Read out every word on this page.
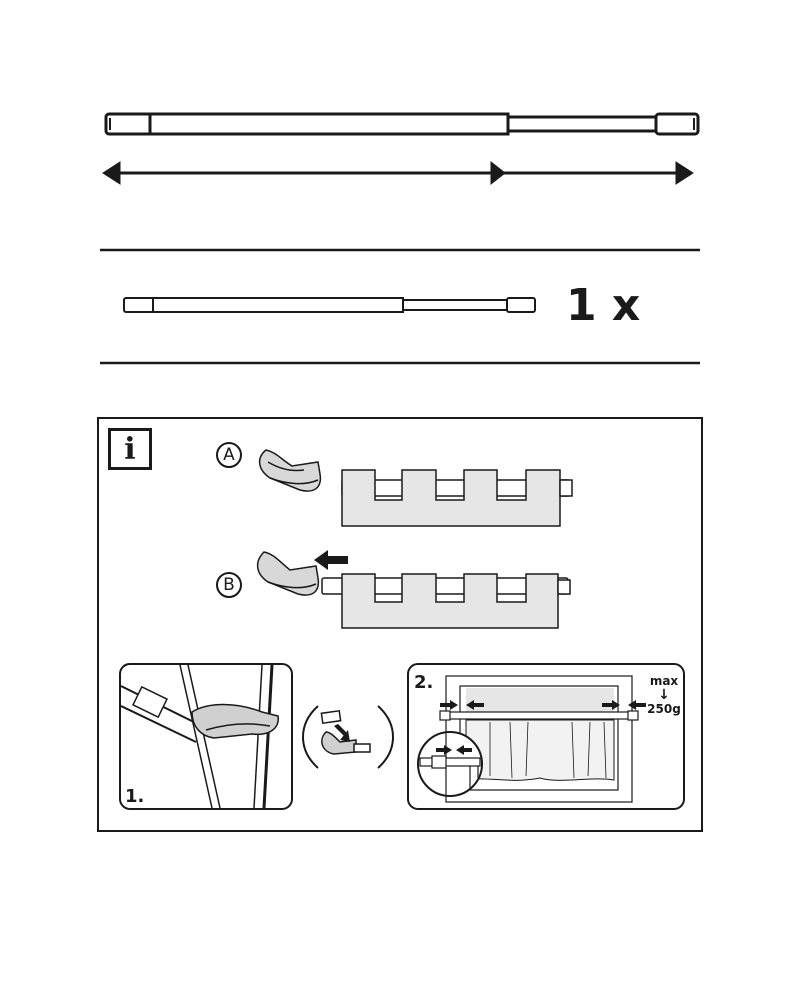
1 x
i	A
B
1.
2.	max
↓
250g
